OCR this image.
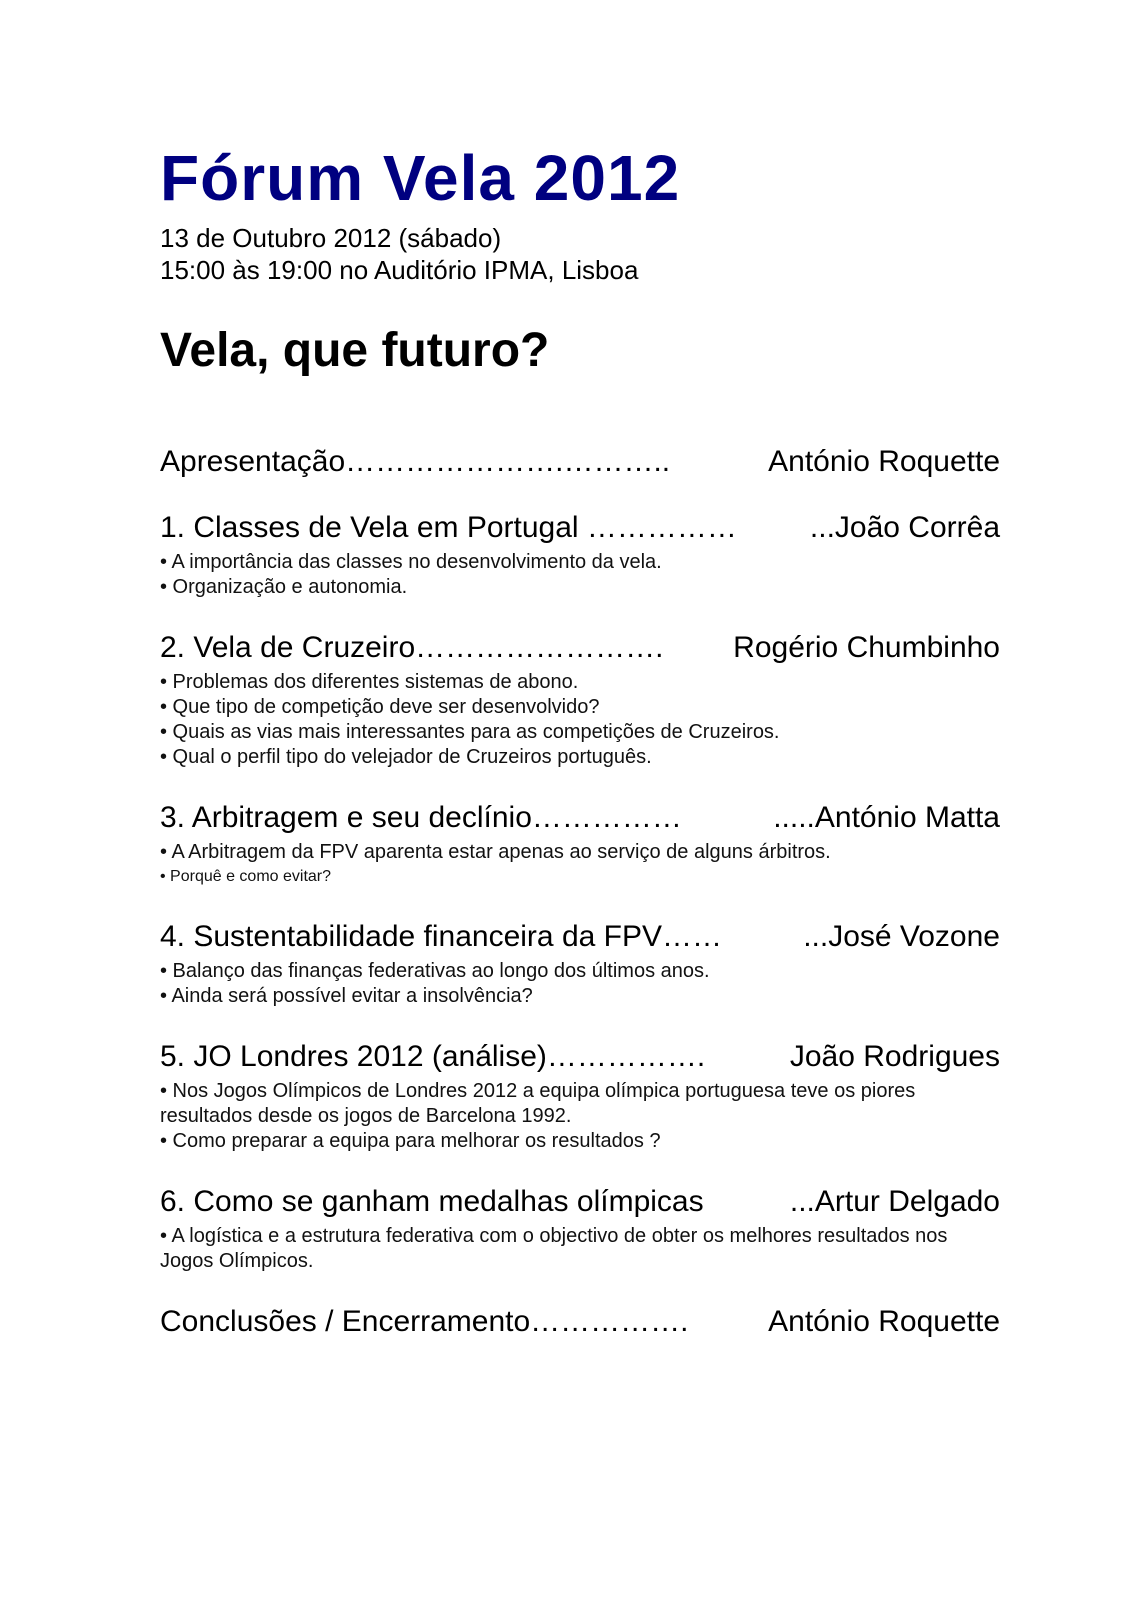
Fórum Vela 2012
13 de Outubro 2012 (sábado)
15:00 às 19:00 no Auditório IPMA, Lisboa
Vela, que futuro?
Apresentação………………….………..	António Roquette
1. Classes de Vela em Portugal …………… ...João Corrêa
• A importância das classes no desenvolvimento da vela.
• Organização e autonomia.
2. Vela de Cruzeiro……………………. Rogério Chumbinho
• Problemas dos diferentes sistemas de abono.
• Que tipo de competição deve ser desenvolvido?
• Quais as vias mais interessantes para as competições de Cruzeiros.
• Qual o perfil tipo do velejador de Cruzeiros português.
3. Arbitragem e seu declínio……………	.....António Matta
• A Arbitragem da FPV aparenta estar apenas ao serviço de alguns árbitros.
• Porquê e como evitar?
4. Sustentabilidade financeira da FPV……	...José Vozone
• Balanço das finanças federativas ao longo dos últimos anos.
• Ainda será possível evitar a insolvência?
5. JO Londres 2012 (análise)…………….	João Rodrigues
• Nos Jogos Olímpicos de Londres 2012 a equipa olímpica portuguesa teve os piores resultados desde os jogos de Barcelona 1992.
• Como preparar a equipa para melhorar os resultados ?
6. Como se ganham medalhas olímpicas	...Artur Delgado
• A logística e a estrutura federativa com o objectivo de obter os melhores resultados nos Jogos Olímpicos.
Conclusões / Encerramento…………….	António Roquette
